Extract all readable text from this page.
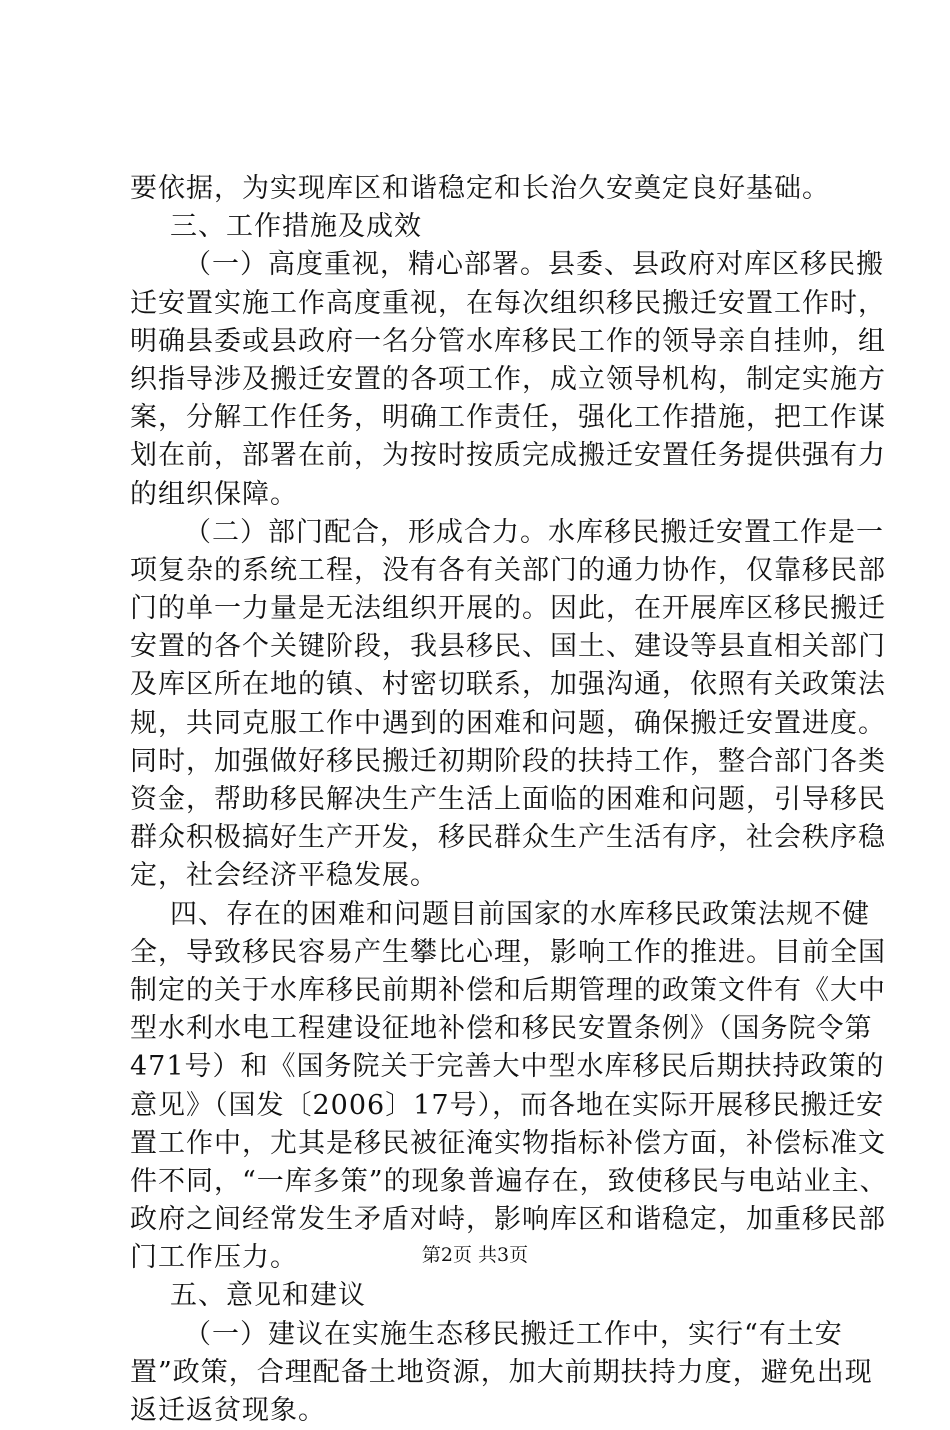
要依据，为实现库区和谐稳定和长治久安奠定良好基础。
三、工作措施及成效
（一）高度重视，精心部署。县委、县政府对库区移民搬
迁安置实施工作高度重视，在每次组织移民搬迁安置工作时，
明确县委或县政府一名分管水库移民工作的领导亲自挂帅，组
织指导涉及搬迁安置的各项工作，成立领导机构，制定实施方
案，分解工作任务，明确工作责任，强化工作措施，把工作谋
划在前，部署在前，为按时按质完成搬迁安置任务提供强有力
的组织保障。
（二）部门配合，形成合力。水库移民搬迁安置工作是一
项复杂的系统工程，没有各有关部门的通力协作，仅靠移民部
门的单一力量是无法组织开展的。因此，在开展库区移民搬迁
安置的各个关键阶段，我县移民、国土、建设等县直相关部门
及库区所在地的镇、村密切联系，加强沟通，依照有关政策法
规，共同克服工作中遇到的困难和问题，确保搬迁安置进度。
同时，加强做好移民搬迁初期阶段的扶持工作，整合部门各类
资金，帮助移民解决生产生活上面临的困难和问题，引导移民
群众积极搞好生产开发，移民群众生产生活有序，社会秩序稳
定，社会经济平稳发展。
四、存在的困难和问题目前国家的水库移民政策法规不健
全，导致移民容易产生攀比心理，影响工作的推进。目前全国
制定的关于水库移民前期补偿和后期管理的政策文件有《大中
型水利水电工程建设征地补偿和移民安置条例》（国务院令第
471号）和《国务院关于完善大中型水库移民后期扶持政策的
意见》（国发〔2006〕17号），而各地在实际开展移民搬迁安
置工作中，尤其是移民被征淹实物指标补偿方面，补偿标准文
件不同，“一库多策”的现象普遍存在，致使移民与电站业主、
政府之间经常发生矛盾对峙，影响库区和谐稳定，加重移民部
门工作压力。
五、意见和建议
（一）建议在实施生态移民搬迁工作中，实行“有土安
置”政策，合理配备土地资源，加大前期扶持力度，避免出现
返迁返贫现象。
第2页 共3页
